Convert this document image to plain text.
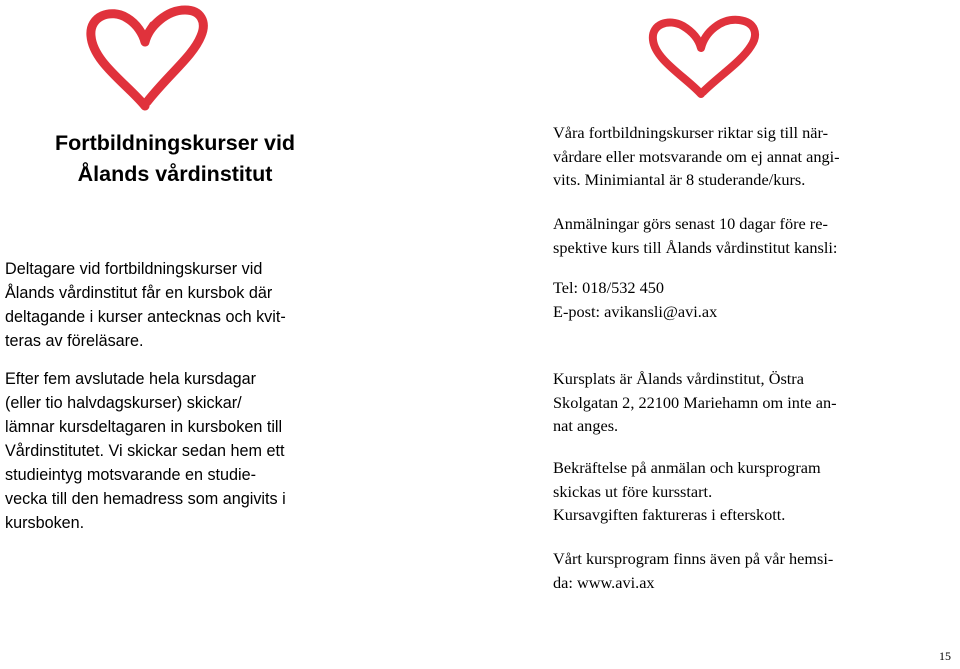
Fortbildningskurser vid
Ålands vårdinstitut
Deltagare vid fortbildningskurser vid
Ålands vårdinstitut får en kursbok där
deltagande i kurser antecknas och kvit-
teras av föreläsare.
Efter fem avslutade hela kursdagar
(eller tio halvdagskurser) skickar/
lämnar kursdeltagaren in kursboken till
Vårdinstitutet. Vi skickar sedan hem ett
studieintyg motsvarande en studie-
vecka till den hemadress som angivits i
kursboken.
Våra fortbildningskurser riktar sig till när-
vårdare eller motsvarande om ej annat angi-
vits. Minimiantal är 8 studerande/kurs.
Anmälningar görs senast 10 dagar före re-
spektive kurs till Ålands vårdinstitut kansli:
Tel: 018/532 450
E-post: avikansli@avi.ax
Kursplats är Ålands vårdinstitut, Östra
Skolgatan 2, 22100 Mariehamn om inte an-
nat anges.
Bekräftelse på anmälan och kursprogram
skickas ut före kursstart.
Kursavgiften faktureras i efterskott.
Vårt kursprogram finns även på vår hemsi-
da: www.avi.ax
15
